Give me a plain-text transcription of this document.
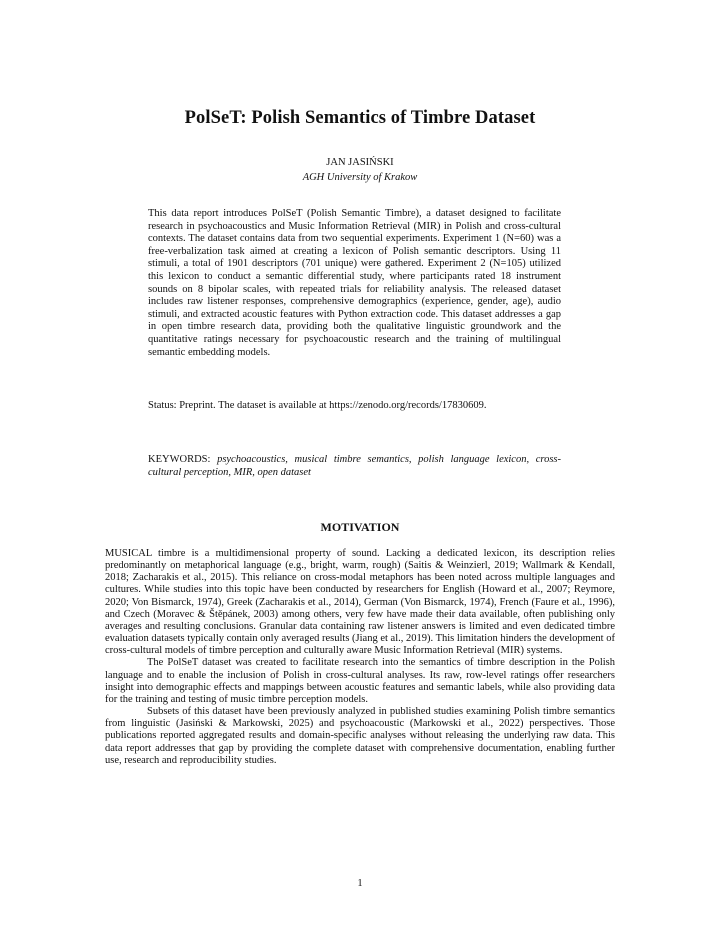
PolSeT: Polish Semantics of Timbre Dataset
JAN JASIŃSKI
AGH University of Krakow

This data report introduces PolSeT (Polish Semantic Timbre), a dataset designed to facilitate research in psychoacoustics and Music Information Retrieval (MIR) in Polish and cross-cultural contexts. The dataset contains data from two sequential experiments. Experiment 1 (N=60) was a free-verbalization task aimed at creating a lexicon of Polish semantic descriptors. Using 11 stimuli, a total of 1901 descriptors (701 unique) were gathered. Experiment 2 (N=105) utilized this lexicon to conduct a semantic differential study, where participants rated 18 instrument sounds on 8 bipolar scales, with repeated trials for reliability analysis. The released dataset includes raw listener responses, comprehensive demographics (experience, gender, age), audio stimuli, and extracted acoustic features with Python extraction code. This dataset addresses a gap in open timbre research data, providing both the qualitative linguistic groundwork and the quantitative ratings necessary for psychoacoustic research and the training of multilingual semantic embedding models.

Status: Preprint. The dataset is available at https://zenodo.org/records/17830609.

KEYWORDS: psychoacoustics, musical timbre semantics, polish language lexicon, cross-cultural perception, MIR, open dataset

MOTIVATION

MUSICAL timbre is a multidimensional property of sound. Lacking a dedicated lexicon, its description relies predominantly on metaphorical language (e.g., bright, warm, rough) (Saitis & Weinzierl, 2019; Wallmark & Kendall, 2018; Zacharakis et al., 2015). This reliance on cross-modal metaphors has been noted across multiple languages and cultures. While studies into this topic have been conducted by researchers for English (Howard et al., 2007; Reymore, 2020; Von Bismarck, 1974), Greek (Zacharakis et al., 2014), German (Von Bismarck, 1974), French (Faure et al., 1996), and Czech (Moravec & Štěpánek, 2003) among others, very few have made their data available, often publishing only averages and resulting conclusions. Granular data containing raw listener answers is limited and even dedicated timbre evaluation datasets typically contain only averaged results (Jiang et al., 2019). This limitation hinders the development of cross-cultural models of timbre perception and culturally aware Music Information Retrieval (MIR) systems.

The PolSeT dataset was created to facilitate research into the semantics of timbre description in the Polish language and to enable the inclusion of Polish in cross-cultural analyses. Its raw, row-level ratings offer researchers insight into demographic effects and mappings between acoustic features and semantic labels, while also providing data for the training and testing of music timbre perception models.

Subsets of this dataset have been previously analyzed in published studies examining Polish timbre semantics from linguistic (Jasiński & Markowski, 2025) and psychoacoustic (Markowski et al., 2022) perspectives. Those publications reported aggregated results and domain-specific analyses without releasing the underlying raw data. This data report addresses that gap by providing the complete dataset with comprehensive documentation, enabling further use, research and reproducibility studies.

1
